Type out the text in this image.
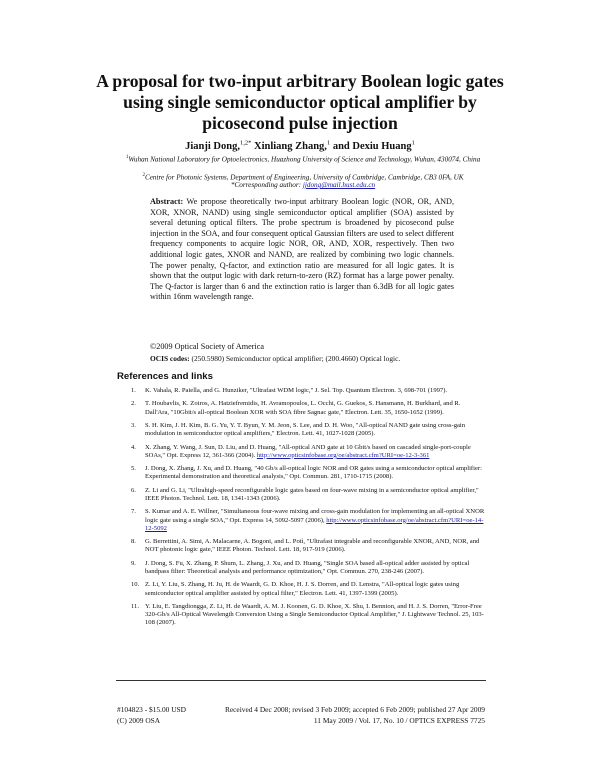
A proposal for two-input arbitrary Boolean logic gates using single semiconductor optical amplifier by picosecond pulse injection
Jianji Dong,$^{1,2*}$ Xinliang Zhang,$^1$ and Dexiu Huang$^1$
$^1$Wuhan National Laboratory for Optoelectronics, Huazhong University of Science and Technology, Wuhan, 430074, China
$^2$Centre for Photonic Systems, Department of Engineering, University of Cambridge, Cambridge, CB3 0FA, UK
*Corresponding author: jjdong@mail.hust.edu.cn
Abstract: We propose theoretically two-input arbitrary Boolean logic (NOR, OR, AND, XOR, XNOR, NAND) using single semiconductor optical amplifier (SOA) assisted by several detuning optical filters. The probe spectrum is broadened by picosecond pulse injection in the SOA, and four consequent optical Gaussian filters are used to select different frequency components to acquire logic NOR, OR, AND, XOR, respectively. Then two additional logic gates, XNOR and NAND, are realized by combining two logic channels. The power penalty, Q-factor, and extinction ratio are measured for all logic gates. It is shown that the output logic with dark return-to-zero (RZ) format has a large power penalty. The Q-factor is larger than 6 and the extinction ratio is larger than 6.3dB for all logic gates within 16nm wavelength range.
©2009 Optical Society of America
OCIS codes: (250.5980) Semiconductor optical amplifier; (200.4660) Optical logic.
References and links
1. K. Vahala, R. Paiella, and G. Hunziker, "Ultrafast WDM logic," J. Sel. Top. Quantum Electron. 3, 698-701 (1997).
2. T. Houbavlis, K. Zoiros, A. Hatziefremidis, H. Avramopoulos, L. Occhi, G. Guekos, S. Hansmann, H. Burkhard, and R. Dall'Ara, "10Gbit/s all-optical Boolean XOR with SOA fibre Sagnac gate," Electron. Lett. 35, 1650-1652 (1999).
3. S. H. Kim, J. H. Kim, B. G. Yu, Y. T. Byun, Y. M. Jeon, S. Lee, and D. H. Woo, "All-optical NAND gate using cross-gain modulation in semiconductor optical amplifiers," Electron. Lett. 41, 1027-1028 (2005).
4. X. Zhang, Y. Wang, J. Sun, D. Liu, and D. Huang, "All-optical AND gate at 10 Gbit/s based on cascaded single-port-couple SOAs," Opt. Express 12, 361-366 (2004). http://www.opticsinfobase.org/oe/abstract.cfm?URI=oe-12-3-361
5. J. Dong, X. Zhang, J. Xu, and D. Huang, "40 Gb/s all-optical logic NOR and OR gates using a semiconductor optical amplifier: Experimental demonstration and theoretical analysis," Opt. Commun. 281, 1710-1715 (2008).
6. Z. Li and G. Li, "Ultrahigh-speed reconfigurable logic gates based on four-wave mixing in a semiconductor optical amplifier," IEEE Photon. Technol. Lett. 18, 1341-1343 (2006).
7. S. Kumar and A. E. Willner, "Simultaneous four-wave mixing and cross-gain modulation for implementing an all-optical XNOR logic gate using a single SOA," Opt. Express 14, 5092-5097 (2006), http://www.opticsinfobase.org/oe/abstract.cfm?URI=oe-14-12-5092
8. G. Berrettini, A. Simi, A. Malacarne, A. Bogoni, and L. Potì, "Ultrafast integrable and reconfigurable XNOR, AND, NOR, and NOT photonic logic gate," IEEE Photon. Technol. Lett. 18, 917-919 (2006).
9. J. Dong, S. Fu, X. Zhang, P. Shum, L. Zhang, J. Xu, and D. Huang, "Single SOA based all-optical adder assisted by optical bandpass filter: Theoretical analysis and performance optimization," Opt. Commun. 270, 238-246 (2007).
10. Z. Li, Y. Liu, S. Zhang, H. Ju, H. de Waardt, G. D. Khoe, H. J. S. Dorren, and D. Lenstra, "All-optical logic gates using semiconductor optical amplifier assisted by optical filter," Electron. Lett. 41, 1397-1399 (2005).
11. Y. Liu, E. Tangdiongga, Z. Li, H. de Waardt, A. M. J. Koonen, G. D. Khoe, X. Shu, I. Bennion, and H. J. S. Dorren, "Error-Free 320-Gb/s All-Optical Wavelength Conversion Using a Single Semiconductor Optical Amplifier," J. Lightwave Technol. 25, 103-108 (2007).
#104823 - $15.00 USD
(C) 2009 OSA
Received 4 Dec 2008; revised 3 Feb 2009; accepted 6 Feb 2009; published 27 Apr 2009
11 May 2009 / Vol. 17, No. 10 / OPTICS EXPRESS 7725
